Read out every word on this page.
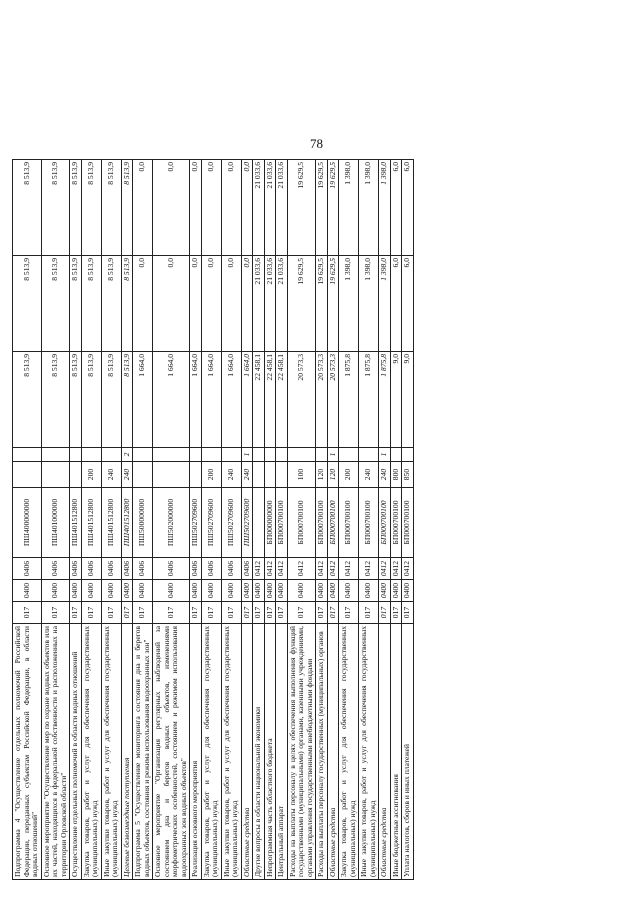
78
Подпрограмма 4 "Осуществление отдельных полномочий Российской Федерации, переданных субъектам Российской Федерации, в области водных отношений"	017	0400	0406	ПШ400000000			8 513,9	8 513,9	8 513,9
Основное мероприятие "Осуществление мер по охране водных объектов или их частей, находящихся в федеральной собственности и расположенных на территории Орловской области"	017	0400	0406	ПШ401000000			8 513,9	8 513,9	8 513,9
Осуществление отдельных полномочий в области водных отношений	017	0400	0406	ПШ401512800			8 513,9	8 513,9	8 513,9
Закупка товаров, работ и услуг для обеспечения государственных (муниципальных) нужд	017	0400	0406	ПШ401512800	200		8 513,9	8 513,9	8 513,9
Иные закупки товаров, работ и услуг для обеспечения государственных (муниципальных) нужд	017	0400	0406	ПШ401512800	240		8 513,9	8 513,9	8 513,9
Целевые безвозмездные поступления	017	0400	0406	ПШ401512800	240	2	8 513,9	8 513,9	8 513,9
Подпрограмма 5 "Осуществление мониторинга состояния дна и берегов водных объектов, состояния и режима использования водоохранных зон"	017	0400	0406	ПШ500000000			1 664,0	0,0	0,0
Основное мероприятие "Организация регулярных наблюдений за состоянием дна и берегов водных объектов, изменениями морфометрических особенностей, состоянием и режимом использования водоохранных зон водных объектов"	017	0400	0406	ПШ502000000			1 664,0	0,0	0,0
Реализация основного мероприятия	017	0400	0406	ПШ502709600			1 664,0	0,0	0,0
Закупка товаров, работ и услуг для обеспечения государственных (муниципальных) нужд	017	0400	0406	ПШ502709600	200		1 664,0	0,0	0,0
Иные закупки товаров, работ и услуг для обеспечения государственных (муниципальных) нужд	017	0400	0406	ПШ502709600	240		1 664,0	0,0	0,0
Областные средства	017	0400	0406	ПШ502709600	240	1	1 664,0	0,0	0,0
Другие вопросы в области национальной экономики	017	0400	0412				22 458,1	21 033,6	21 033,6
Непрограммная часть областного бюджета	017	0400	0412	БП000000000			22 458,1	21 033,6	21 033,6
Центральный аппарат	017	0400	0412	БП000700100			22 458,1	21 033,6	21 033,6
Расходы на выплаты персоналу в целях обеспечения выполнения функций государственными (муниципальными) органами, казенными учреждениями, органами управления государственными внебюджетными фондами	017	0400	0412	БП000700100	100		20 573,3	19 629,5	19 629,5
Расходы на выплаты персоналу государственных (муниципальных) органов	017	0400	0412	БП000700100	120		20 573,3	19 629,5	19 629,5
Областные средства	017	0400	0412	БП000700100	120	1	20 573,3	19 629,5	19 629,5
Закупка товаров, работ и услуг для обеспечения государственных (муниципальных) нужд	017	0400	0412	БП000700100	200		1 875,8	1 398,0	1 398,0
Иные закупки товаров, работ и услуг для обеспечения государственных (муниципальных) нужд	017	0400	0412	БП000700100	240		1 875,8	1 398,0	1 398,0
Областные средства	017	0400	0412	БП000700100	240	1	1 875,8	1 398,0	1 398,0
Иные бюджетные ассигнования	017	0400	0412	БП000700100	800		9,0	6,0	6,0
Уплата налогов, сборов и иных платежей	017	0400	0412	БП000700100	850		9,0	6,0	6,0
